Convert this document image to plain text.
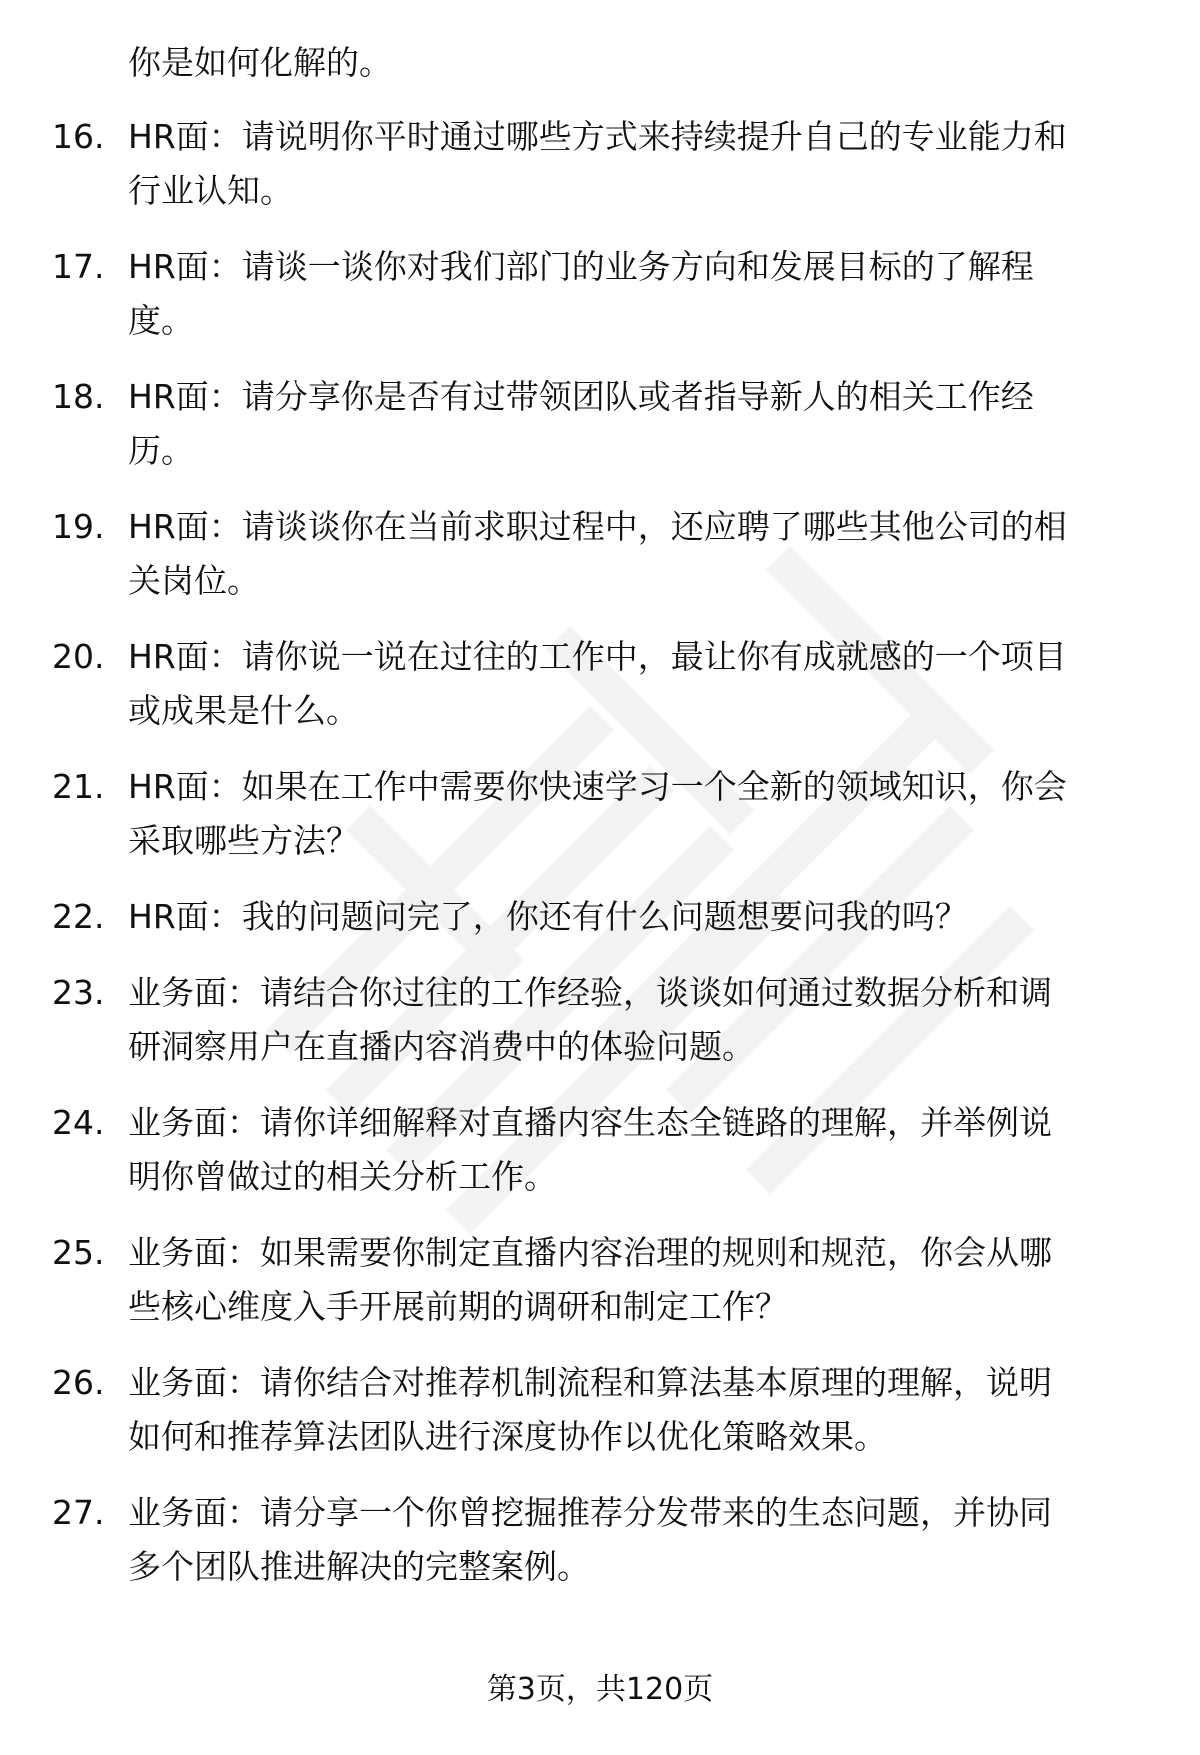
你是如何化解的。
16. HR面：请说明你平时通过哪些方式来持续提升自己的专业能力和
行业认知。
17. HR面：请谈一谈你对我们部门的业务方向和发展目标的了解程
度。
18. HR面：请分享你是否有过带领团队或者指导新人的相关工作经
历。
19. HR面：请谈谈你在当前求职过程中，还应聘了哪些其他公司的相
关岗位。
20. HR面：请你说一说在过往的工作中，最让你有成就感的一个项目
或成果是什么。
21. HR面：如果在工作中需要你快速学习一个全新的领域知识，你会
采取哪些方法？
22. HR面：我的问题问完了，你还有什么问题想要问我的吗？
23. 业务面：请结合你过往的工作经验，谈谈如何通过数据分析和调
研洞察用户在直播内容消费中的体验问题。
24. 业务面：请你详细解释对直播内容生态全链路的理解，并举例说
明你曾做过的相关分析工作。
25. 业务面：如果需要你制定直播内容治理的规则和规范，你会从哪
些核心维度入手开展前期的调研和制定工作？
26. 业务面：请你结合对推荐机制流程和算法基本原理的理解，说明
如何和推荐算法团队进行深度协作以优化策略效果。
27. 业务面：请分享一个你曾挖掘推荐分发带来的生态问题，并协同
多个团队推进解决的完整案例。
第3页，共120页
